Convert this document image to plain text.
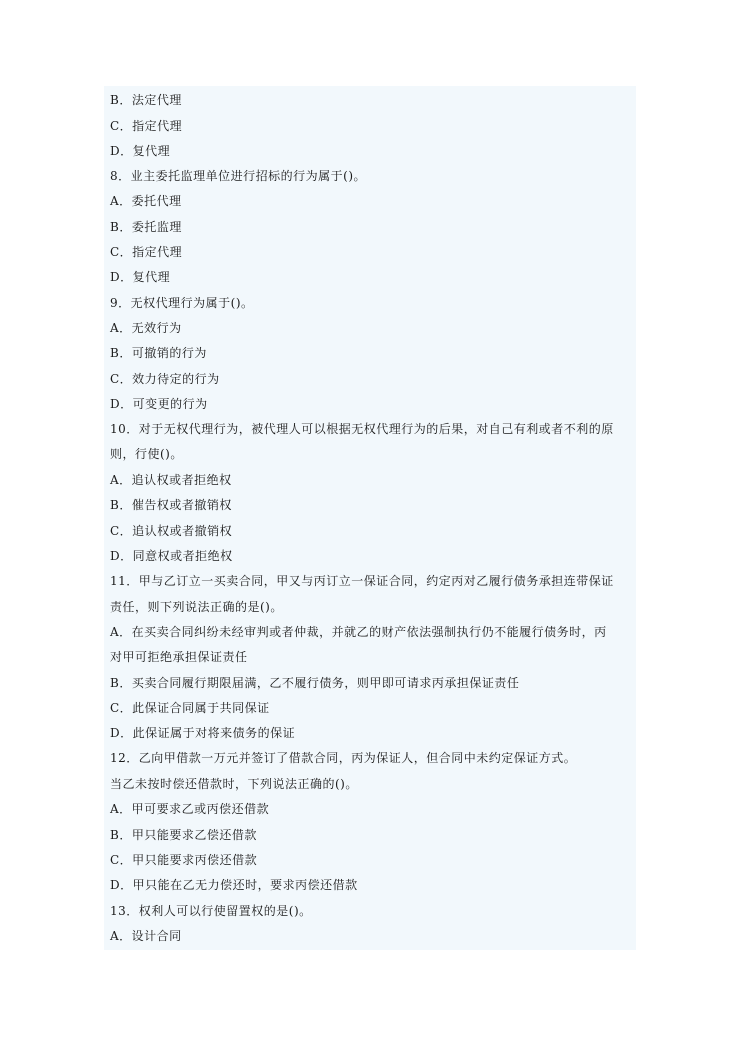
B．法定代理
C．指定代理
D．复代理
8．业主委托监理单位进行招标的行为属于()。
A．委托代理
B．委托监理
C．指定代理
D．复代理
9．无权代理行为属于()。
A．无效行为
B．可撤销的行为
C．效力待定的行为
D．可变更的行为
10．对于无权代理行为，被代理人可以根据无权代理行为的后果，对自己有利或者不利的原
则，行使()。
A．追认权或者拒绝权
B．催告权或者撤销权
C．追认权或者撤销权
D．同意权或者拒绝权
11．甲与乙订立一买卖合同，甲又与丙订立一保证合同，约定丙对乙履行债务承担连带保证
责任，则下列说法正确的是()。
A．在买卖合同纠纷未经审判或者仲裁，并就乙的财产依法强制执行仍不能履行债务时，丙
对甲可拒绝承担保证责任
B．买卖合同履行期限届满，乙不履行债务，则甲即可请求丙承担保证责任
C．此保证合同属于共同保证
D．此保证属于对将来债务的保证
12．乙向甲借款一万元并签订了借款合同，丙为保证人，但合同中未约定保证方式。
当乙未按时偿还借款时，下列说法正确的()。
A．甲可要求乙或丙偿还借款
B．甲只能要求乙偿还借款
C．甲只能要求丙偿还借款
D．甲只能在乙无力偿还时，要求丙偿还借款
13．权利人可以行使留置权的是()。
A．设计合同
